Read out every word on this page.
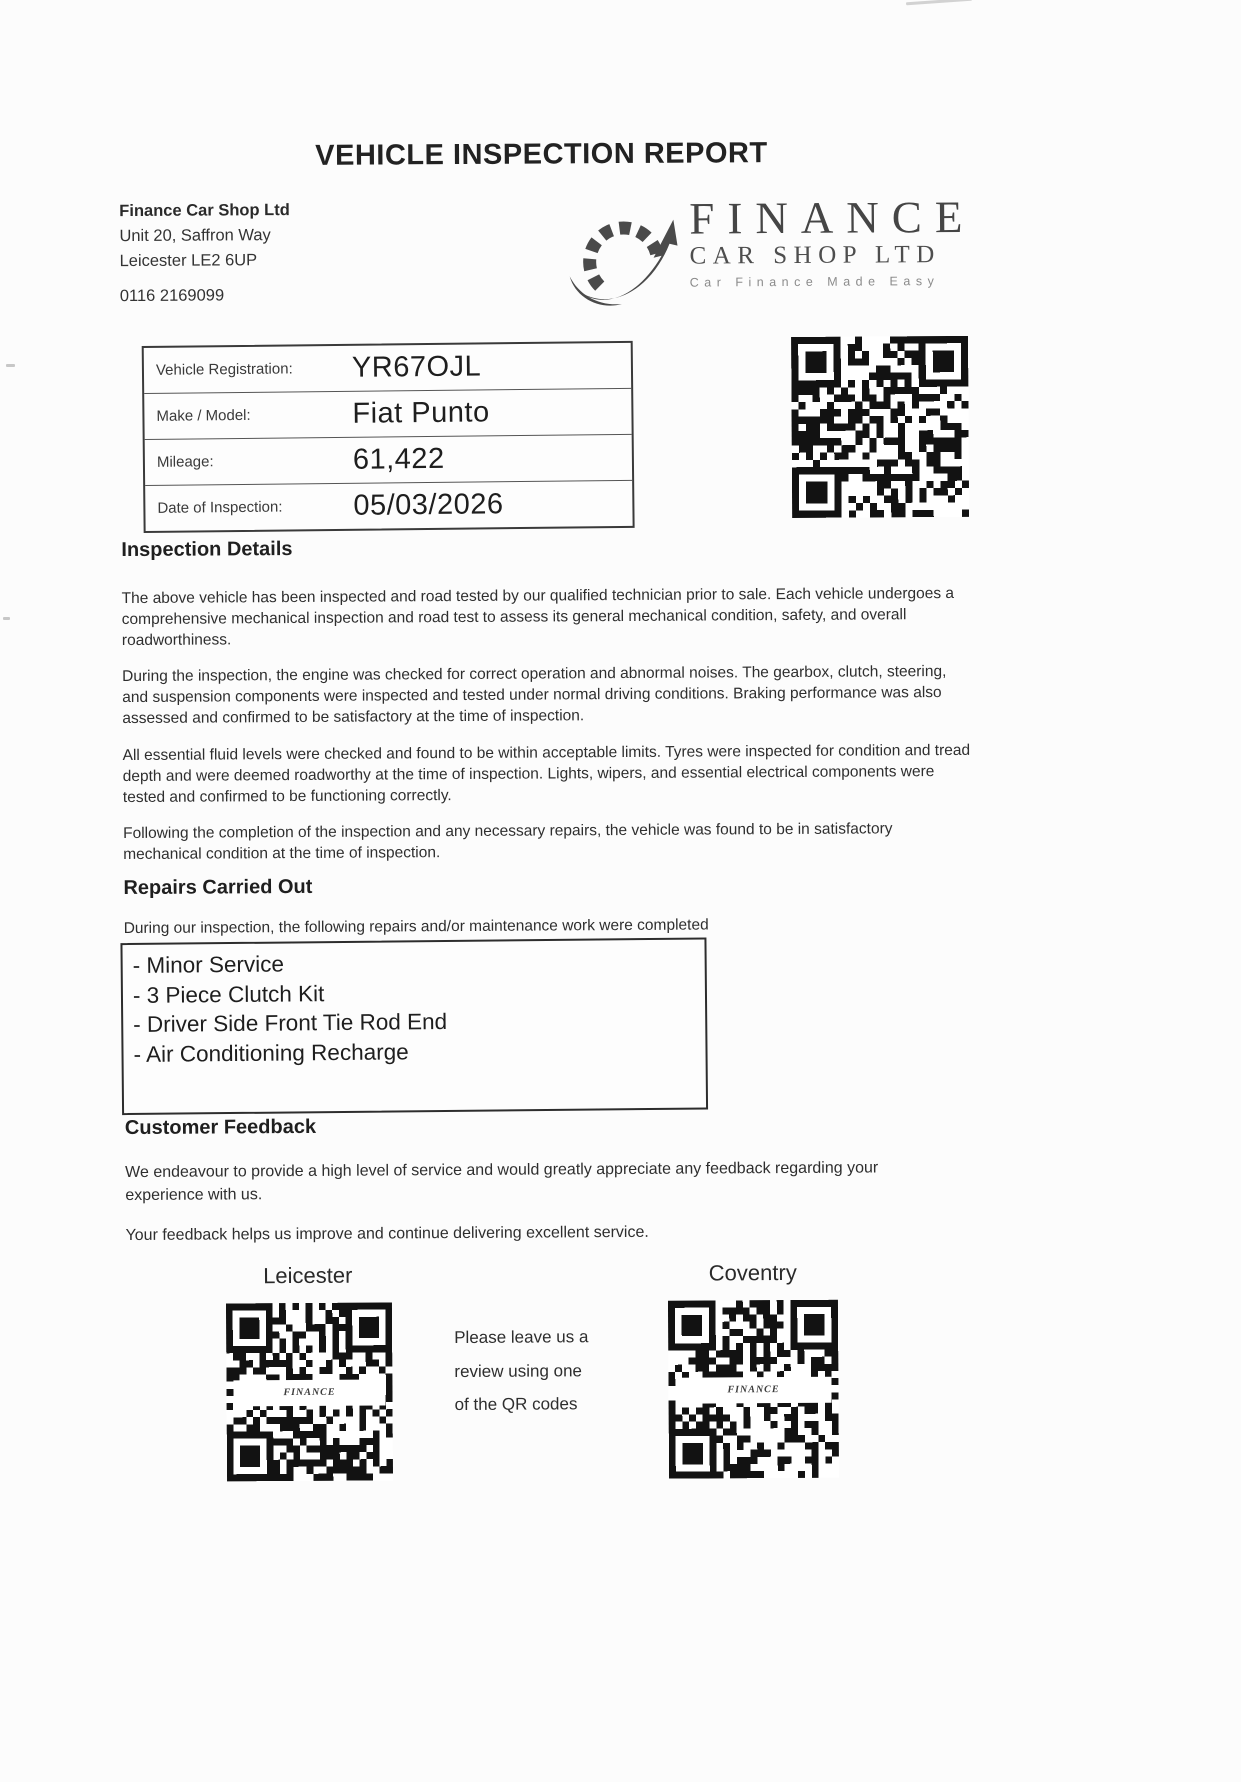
VEHICLE INSPECTION REPORT
Finance Car Shop Ltd
Unit 20, Saffron Way
Leicester LE2 6UP
0116 2169099
FINANCE
CAR SHOP LTD
Car Finance Made Easy
Vehicle Registration:	YR67OJL
Make / Model:	Fiat Punto
Mileage:	61,422
Date of Inspection:	05/03/2026
Inspection Details
The above vehicle has been inspected and road tested by our qualified technician prior to sale. Each vehicle undergoes a comprehensive mechanical inspection and road test to assess its general mechanical condition, safety, and overall roadworthiness.
During the inspection, the engine was checked for correct operation and abnormal noises. The gearbox, clutch, steering, and suspension components were inspected and tested under normal driving conditions. Braking performance was also assessed and confirmed to be satisfactory at the time of inspection.
All essential fluid levels were checked and found to be within acceptable limits. Tyres were inspected for condition and tread depth and were deemed roadworthy at the time of inspection. Lights, wipers, and essential electrical components were tested and confirmed to be functioning correctly.
Following the completion of the inspection and any necessary repairs, the vehicle was found to be in satisfactory mechanical condition at the time of inspection.
Repairs Carried Out
During our inspection, the following repairs and/or maintenance work were completed
- Minor Service
- 3 Piece Clutch Kit
- Driver Side Front Tie Rod End
- Air Conditioning Recharge
Customer Feedback
We endeavour to provide a high level of service and would greatly appreciate any feedback regarding your experience with us.
Your feedback helps us improve and continue delivering excellent service.
Leicester	Coventry
FINANCE	FINANCE
Please leave us a
review using one
of the QR codes
